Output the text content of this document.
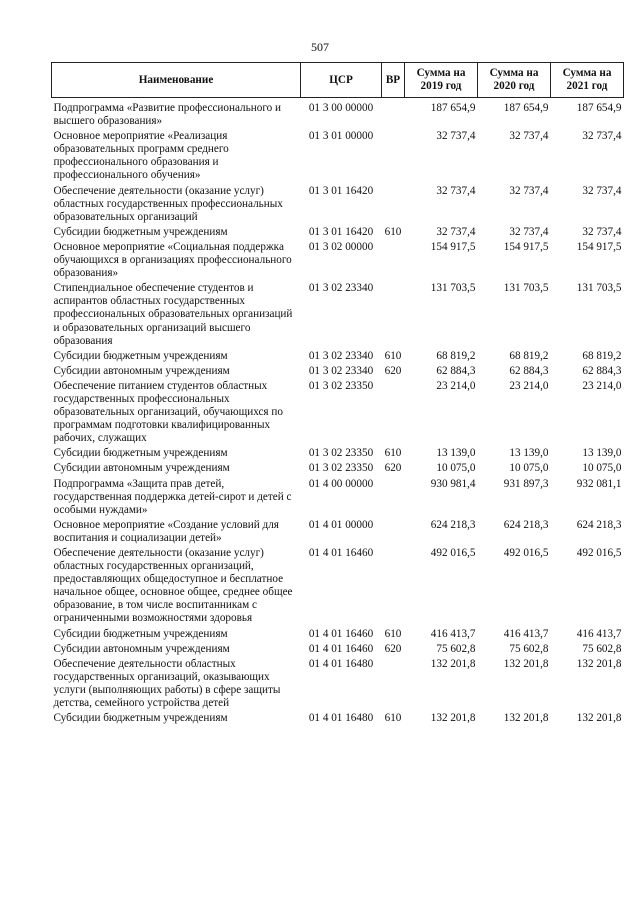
507
Наименование	ЦСР	ВР	Сумма на 2019 год	Сумма на 2020 год	Сумма на 2021 год
Подпрограмма «Развитие профессионального и высшего образования»	01 3 00 00000		187 654,9	187 654,9	187 654,9
Основное мероприятие «Реализация образовательных программ среднего профессионального образования и профессионального обучения»	01 3 01 00000		32 737,4	32 737,4	32 737,4
Обеспечение деятельности (оказание услуг) областных государственных профессиональных образовательных организаций	01 3 01 16420		32 737,4	32 737,4	32 737,4
Субсидии бюджетным учреждениям	01 3 01 16420	610	32 737,4	32 737,4	32 737,4
Основное мероприятие «Социальная поддержка обучающихся в организациях профессионального образования»	01 3 02 00000		154 917,5	154 917,5	154 917,5
Стипендиальное обеспечение студентов и аспирантов областных государственных профессиональных образовательных организаций и образовательных организаций высшего образования	01 3 02 23340		131 703,5	131 703,5	131 703,5
Субсидии бюджетным учреждениям	01 3 02 23340	610	68 819,2	68 819,2	68 819,2
Субсидии автономным учреждениям	01 3 02 23340	620	62 884,3	62 884,3	62 884,3
Обеспечение питанием студентов областных государственных профессиональных образовательных организаций, обучающихся по программам подготовки квалифицированных рабочих, служащих	01 3 02 23350		23 214,0	23 214,0	23 214,0
Субсидии бюджетным учреждениям	01 3 02 23350	610	13 139,0	13 139,0	13 139,0
Субсидии автономным учреждениям	01 3 02 23350	620	10 075,0	10 075,0	10 075,0
Подпрограмма «Защита прав детей, государственная поддержка детей-сирот и детей с особыми нуждами»	01 4 00 00000		930 981,4	931 897,3	932 081,1
Основное мероприятие «Создание условий для воспитания и социализации детей»	01 4 01 00000		624 218,3	624 218,3	624 218,3
Обеспечение деятельности (оказание услуг) областных государственных организаций, предоставляющих общедоступное и бесплатное начальное общее, основное общее, среднее общее образование, в том числе воспитанникам с ограниченными возможностями здоровья	01 4 01 16460		492 016,5	492 016,5	492 016,5
Субсидии бюджетным учреждениям	01 4 01 16460	610	416 413,7	416 413,7	416 413,7
Субсидии автономным учреждениям	01 4 01 16460	620	75 602,8	75 602,8	75 602,8
Обеспечение деятельности областных государственных организаций, оказывающих услуги (выполняющих работы) в сфере защиты детства, семейного устройства детей	01 4 01 16480		132 201,8	132 201,8	132 201,8
Субсидии бюджетным учреждениям	01 4 01 16480	610	132 201,8	132 201,8	132 201,8
